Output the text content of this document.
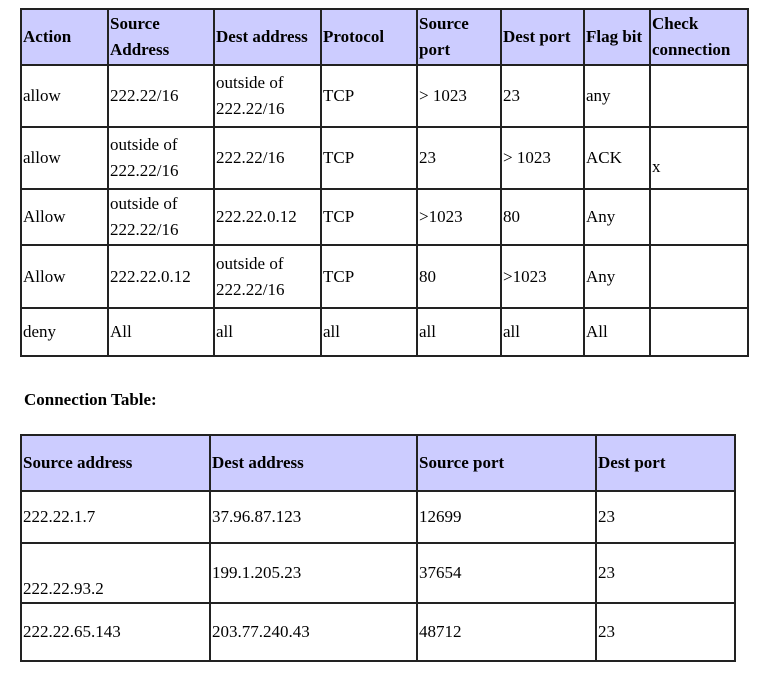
Action	Source Address	Dest address	Protocol	Source port	Dest port	Flag bit	Check connection
allow	222.22/16	outside of 222.22/16	TCP	> 1023	23	any	
allow	outside of 222.22/16	222.22/16	TCP	23	> 1023	ACK	x

Allow	outside of 222.22/16	222.22.0.12	TCP	>1023	80	Any	
Allow	222.22.0.12	outside of 222.22/16	TCP	80	>1023	Any	
deny	All	all	all	all	all	All	

Connection Table:

Source address	Dest address	Source port	Dest port
222.22.1.7	37.96.87.123	12699	23
222.22.93.2	199.1.205.23	37654	23
222.22.65.143	203.77.240.43	48712	23
